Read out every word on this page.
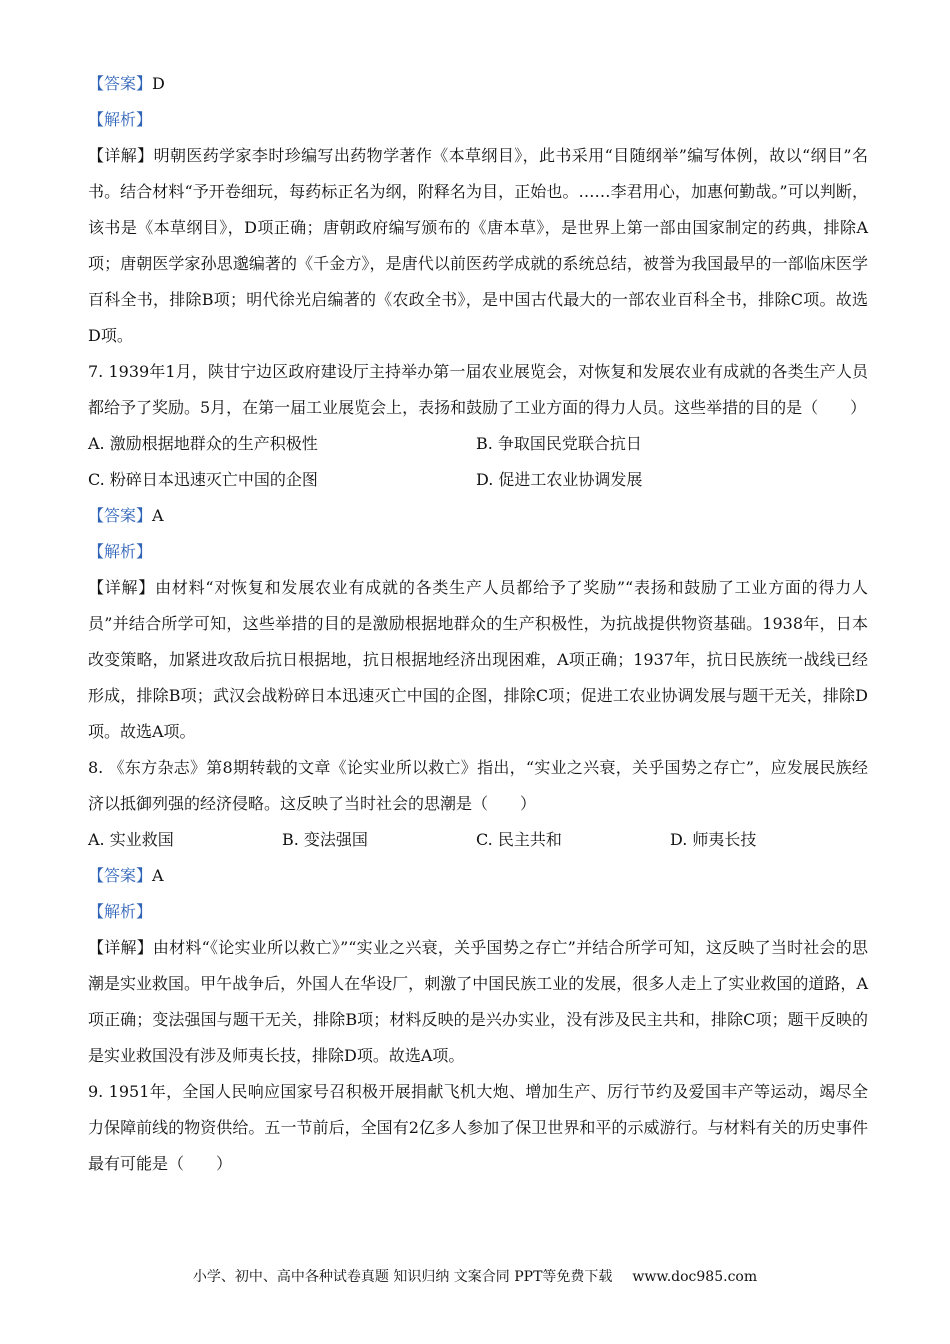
【答案】D
【解析】
【详解】明朝医药学家李时珍编写出药物学著作《本草纲目》，此书采用“目随纲举”编写体例，故以“纲目”名书。结合材料“予开卷细玩，每药标正名为纲，附释名为目，正始也。……李君用心，加惠何勤哉。”可以判断，该书是《本草纲目》，D项正确；唐朝政府编写颁布的《唐本草》，是世界上第一部由国家制定的药典，排除A项；唐朝医学家孙思邈编著的《千金方》，是唐代以前医药学成就的系统总结，被誉为我国最早的一部临床医学百科全书，排除B项；明代徐光启编著的《农政全书》，是中国古代最大的一部农业百科全书，排除C项。故选D项。
7. 1939年1月，陕甘宁边区政府建设厅主持举办第一届农业展览会，对恢复和发展农业有成就的各类生产人员都给予了奖励。5月，在第一届工业展览会上，表扬和鼓励了工业方面的得力人员。这些举措的目的是（　　）
A. 激励根据地群众的生产积极性	B. 争取国民党联合抗日
C. 粉碎日本迅速灭亡中国的企图	D. 促进工农业协调发展
【答案】A
【解析】
【详解】由材料“对恢复和发展农业有成就的各类生产人员都给予了奖励”“表扬和鼓励了工业方面的得力人员”并结合所学可知，这些举措的目的是激励根据地群众的生产积极性，为抗战提供物资基础。1938年，日本改变策略，加紧进攻敌后抗日根据地，抗日根据地经济出现困难，A项正确；1937年，抗日民族统一战线已经形成，排除B项；武汉会战粉碎日本迅速灭亡中国的企图，排除C项；促进工农业协调发展与题干无关，排除D项。故选A项。
8. 《东方杂志》第8期转载的文章《论实业所以救亡》指出，“实业之兴衰，关乎国势之存亡”，应发展民族经济以抵御列强的经济侵略。这反映了当时社会的思潮是（　　）
A. 实业救国	B. 变法强国	C. 民主共和	D. 师夷长技
【答案】A
【解析】
【详解】由材料“《论实业所以救亡》”“实业之兴衰，关乎国势之存亡”并结合所学可知，这反映了当时社会的思潮是实业救国。甲午战争后，外国人在华设厂，刺激了中国民族工业的发展，很多人走上了实业救国的道路，A项正确；变法强国与题干无关，排除B项；材料反映的是兴办实业，没有涉及民主共和，排除C项；题干反映的是实业救国没有涉及师夷长技，排除D项。故选A项。
9. 1951年，全国人民响应国家号召积极开展捐献飞机大炮、增加生产、厉行节约及爱国丰产等运动，竭尽全力保障前线的物资供给。五一节前后，全国有2亿多人参加了保卫世界和平的示威游行。与材料有关的历史事件最有可能是（　　）
小学、初中、高中各种试卷真题 知识归纳 文案合同 PPT等免费下载 www.doc985.com
